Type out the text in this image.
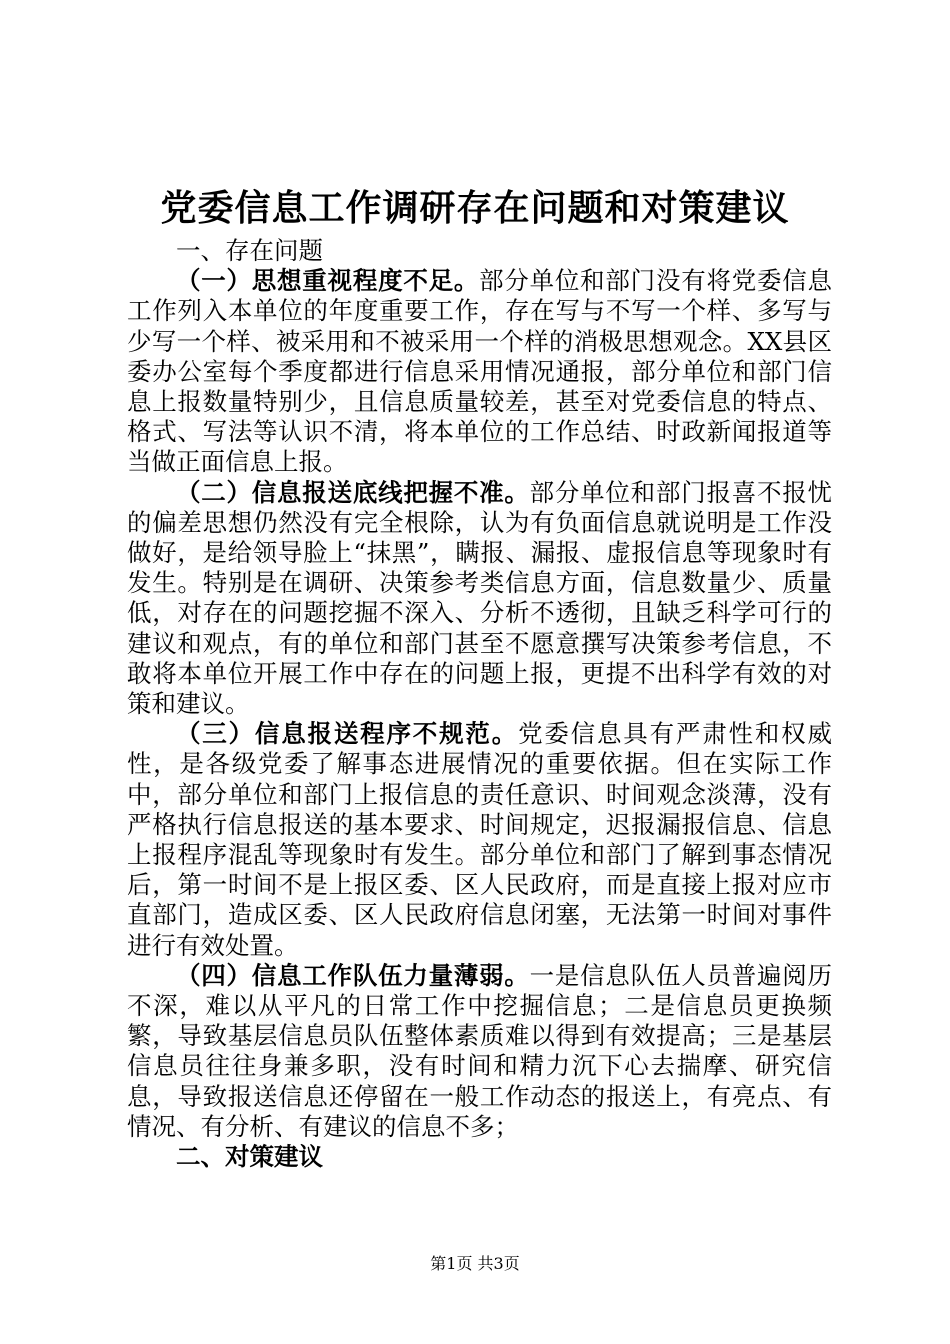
党委信息工作调研存在问题和对策建议

一、存在问题

（一）思想重视程度不足。部分单位和部门没有将党委信息工作列入本单位的年度重要工作，存在写与不写一个样、多写与少写一个样、被采用和不被采用一个样的消极思想观念。XX县区委办公室每个季度都进行信息采用情况通报，部分单位和部门信息上报数量特别少，且信息质量较差，甚至对党委信息的特点、格式、写法等认识不清，将本单位的工作总结、时政新闻报道等当做正面信息上报。

（二）信息报送底线把握不准。部分单位和部门报喜不报忧的偏差思想仍然没有完全根除，认为有负面信息就说明是工作没做好，是给领导脸上“抹黑”，瞒报、漏报、虚报信息等现象时有发生。特别是在调研、决策参考类信息方面，信息数量少、质量低，对存在的问题挖掘不深入、分析不透彻，且缺乏科学可行的建议和观点，有的单位和部门甚至不愿意撰写决策参考信息，不敢将本单位开展工作中存在的问题上报，更提不出科学有效的对策和建议。

（三）信息报送程序不规范。党委信息具有严肃性和权威性，是各级党委了解事态进展情况的重要依据。但在实际工作中，部分单位和部门上报信息的责任意识、时间观念淡薄，没有严格执行信息报送的基本要求、时间规定，迟报漏报信息、信息上报程序混乱等现象时有发生。部分单位和部门了解到事态情况后，第一时间不是上报区委、区人民政府，而是直接上报对应市直部门，造成区委、区人民政府信息闭塞，无法第一时间对事件进行有效处置。

（四）信息工作队伍力量薄弱。一是信息队伍人员普遍阅历不深，难以从平凡的日常工作中挖掘信息；二是信息员更换频繁，导致基层信息员队伍整体素质难以得到有效提高；三是基层信息员往往身兼多职，没有时间和精力沉下心去揣摩、研究信息，导致报送信息还停留在一般工作动态的报送上，有亮点、有情况、有分析、有建议的信息不多；

二、对策建议

第1页 共3页
